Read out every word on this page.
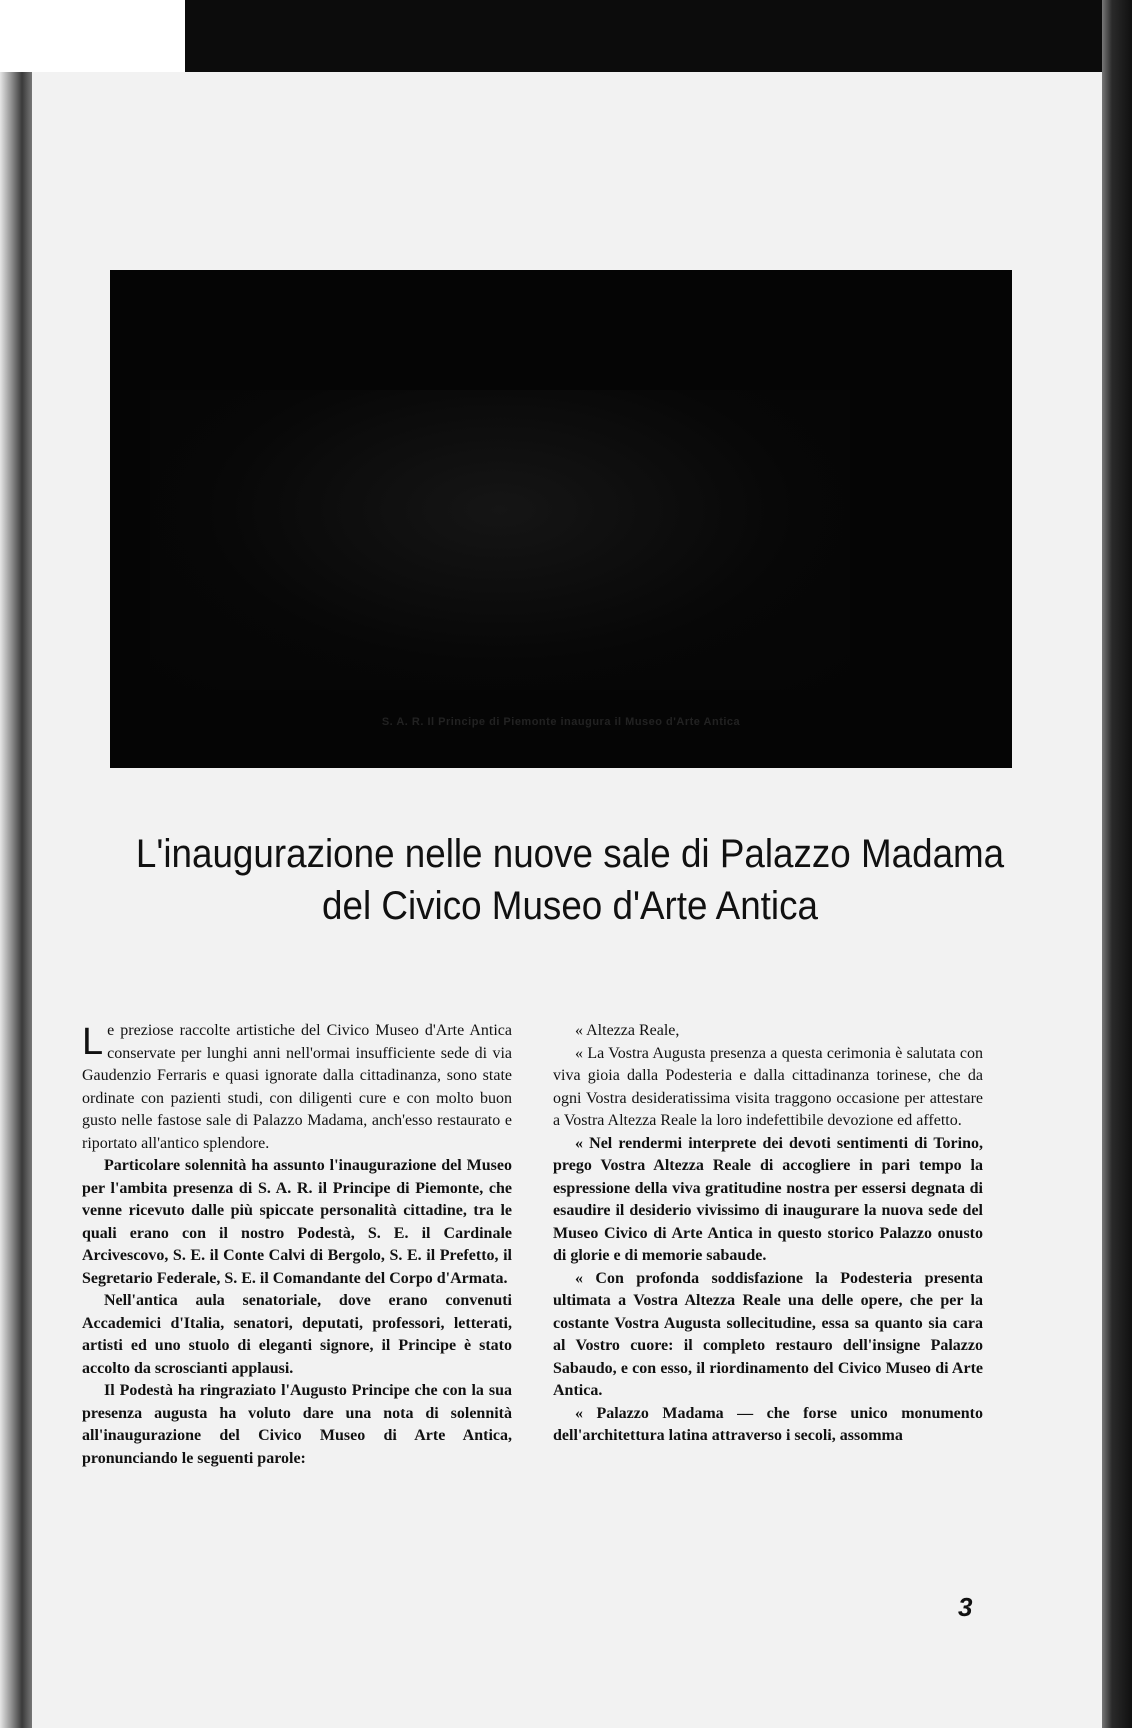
S. A. R. Il Principe di Piemonte inaugura il Museo d'Arte Antica
L'inaugurazione nelle nuove sale di Palazzo Madama
del Civico Museo d'Arte Antica

Le preziose raccolte artistiche del Civico Museo d'Arte Antica conservate per lunghi anni nell'ormai insufficiente sede di via Gaudenzio Ferraris e quasi ignorate dalla cittadinanza, sono state ordinate con pazienti studi, con diligenti cure e con molto buon gusto nelle fastose sale di Palazzo Madama, anch'esso restaurato e riportato all'antico splendore.

Particolare solennità ha assunto l'inaugurazione del Museo per l'ambita presenza di S. A. R. il Principe di Piemonte, che venne ricevuto dalle più spiccate personalità cittadine, tra le quali erano con il nostro Podestà, S. E. il Cardinale Arcivescovo, S. E. il Conte Calvi di Bergolo, S. E. il Prefetto, il Segretario Federale, S. E. il Comandante del Corpo d'Armata.

Nell'antica aula senatoriale, dove erano convenuti Accademici d'Italia, senatori, deputati, professori, letterati, artisti ed uno stuolo di eleganti signore, il Principe è stato accolto da scroscianti applausi.

Il Podestà ha ringraziato l'Augusto Principe che con la sua presenza augusta ha voluto dare una nota di solennità all'inaugurazione del Civico Museo di Arte Antica, pronunciando le seguenti parole:

« Altezza Reale,

« La Vostra Augusta presenza a questa cerimonia è salutata con viva gioia dalla Podesteria e dalla cittadinanza torinese, che da ogni Vostra desideratissima visita traggono occasione per attestare a Vostra Altezza Reale la loro indefettibile devozione ed affetto.

« Nel rendermi interprete dei devoti sentimenti di Torino, prego Vostra Altezza Reale di accogliere in pari tempo la espressione della viva gratitudine nostra per essersi degnata di esaudire il desiderio vivissimo di inaugurare la nuova sede del Museo Civico di Arte Antica in questo storico Palazzo onusto di glorie e di memorie sabaude.

« Con profonda soddisfazione la Podesteria presenta ultimata a Vostra Altezza Reale una delle opere, che per la costante Vostra Augusta sollecitudine, essa sa quanto sia cara al Vostro cuore: il completo restauro dell'insigne Palazzo Sabaudo, e con esso, il riordinamento del Civico Museo di Arte Antica.

« Palazzo Madama — che forse unico monumento dell'architettura latina attraverso i secoli, assomma

3
